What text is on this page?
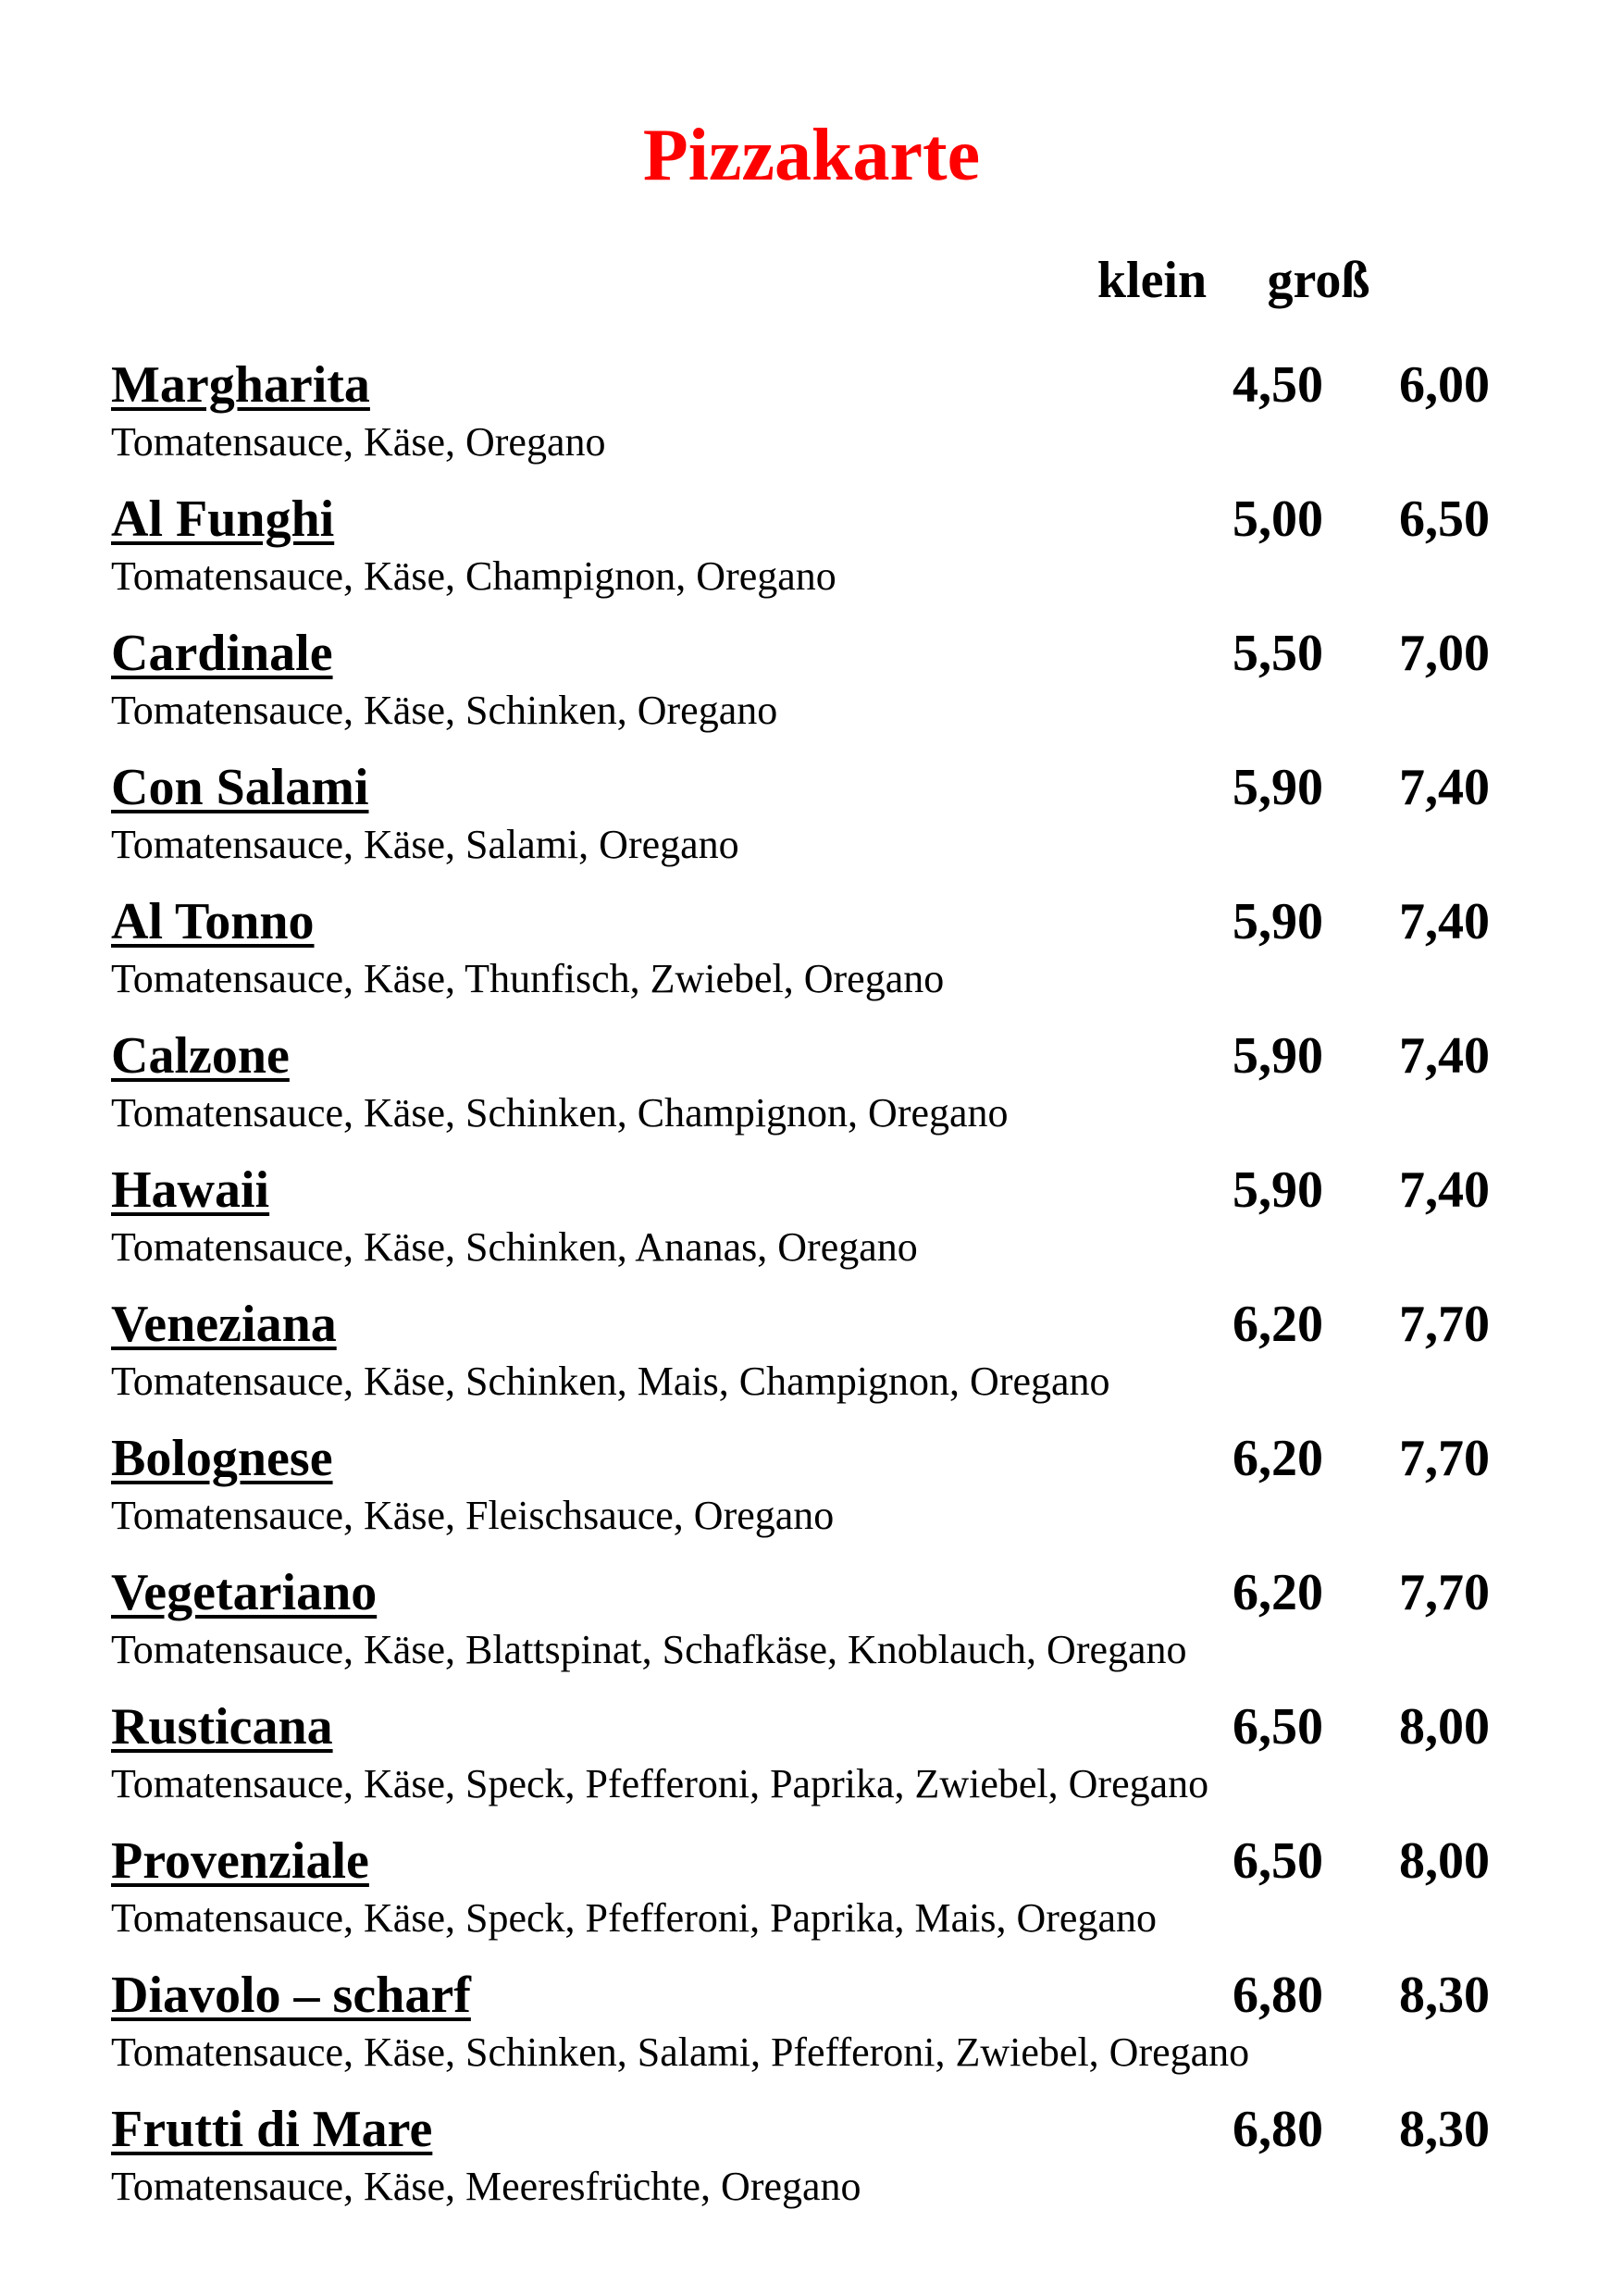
Pizzakarte
klein groß
Margharita	4,50	6,00
Tomatensauce, Käse, Oregano
Al Funghi	5,00	6,50
Tomatensauce, Käse, Champignon, Oregano
Cardinale	5,50	7,00
Tomatensauce, Käse, Schinken, Oregano
Con Salami	5,90	7,40
Tomatensauce, Käse, Salami, Oregano
Al Tonno	5,90	7,40
Tomatensauce, Käse, Thunfisch, Zwiebel, Oregano
Calzone	5,90	7,40
Tomatensauce, Käse, Schinken, Champignon, Oregano
Hawaii	5,90	7,40
Tomatensauce, Käse, Schinken, Ananas, Oregano
Veneziana	6,20	7,70
Tomatensauce, Käse, Schinken, Mais, Champignon, Oregano
Bolognese	6,20	7,70
Tomatensauce, Käse, Fleischsauce, Oregano
Vegetariano	6,20	7,70
Tomatensauce, Käse, Blattspinat, Schafkäse, Knoblauch, Oregano
Rusticana	6,50	8,00
Tomatensauce, Käse, Speck, Pfefferoni, Paprika, Zwiebel, Oregano
Provenziale	6,50	8,00
Tomatensauce, Käse, Speck, Pfefferoni, Paprika, Mais, Oregano
Diavolo – scharf	6,80	8,30
Tomatensauce, Käse, Schinken, Salami, Pfefferoni, Zwiebel, Oregano
Frutti di Mare	6,80	8,30
Tomatensauce, Käse, Meeresfrüchte, Oregano
